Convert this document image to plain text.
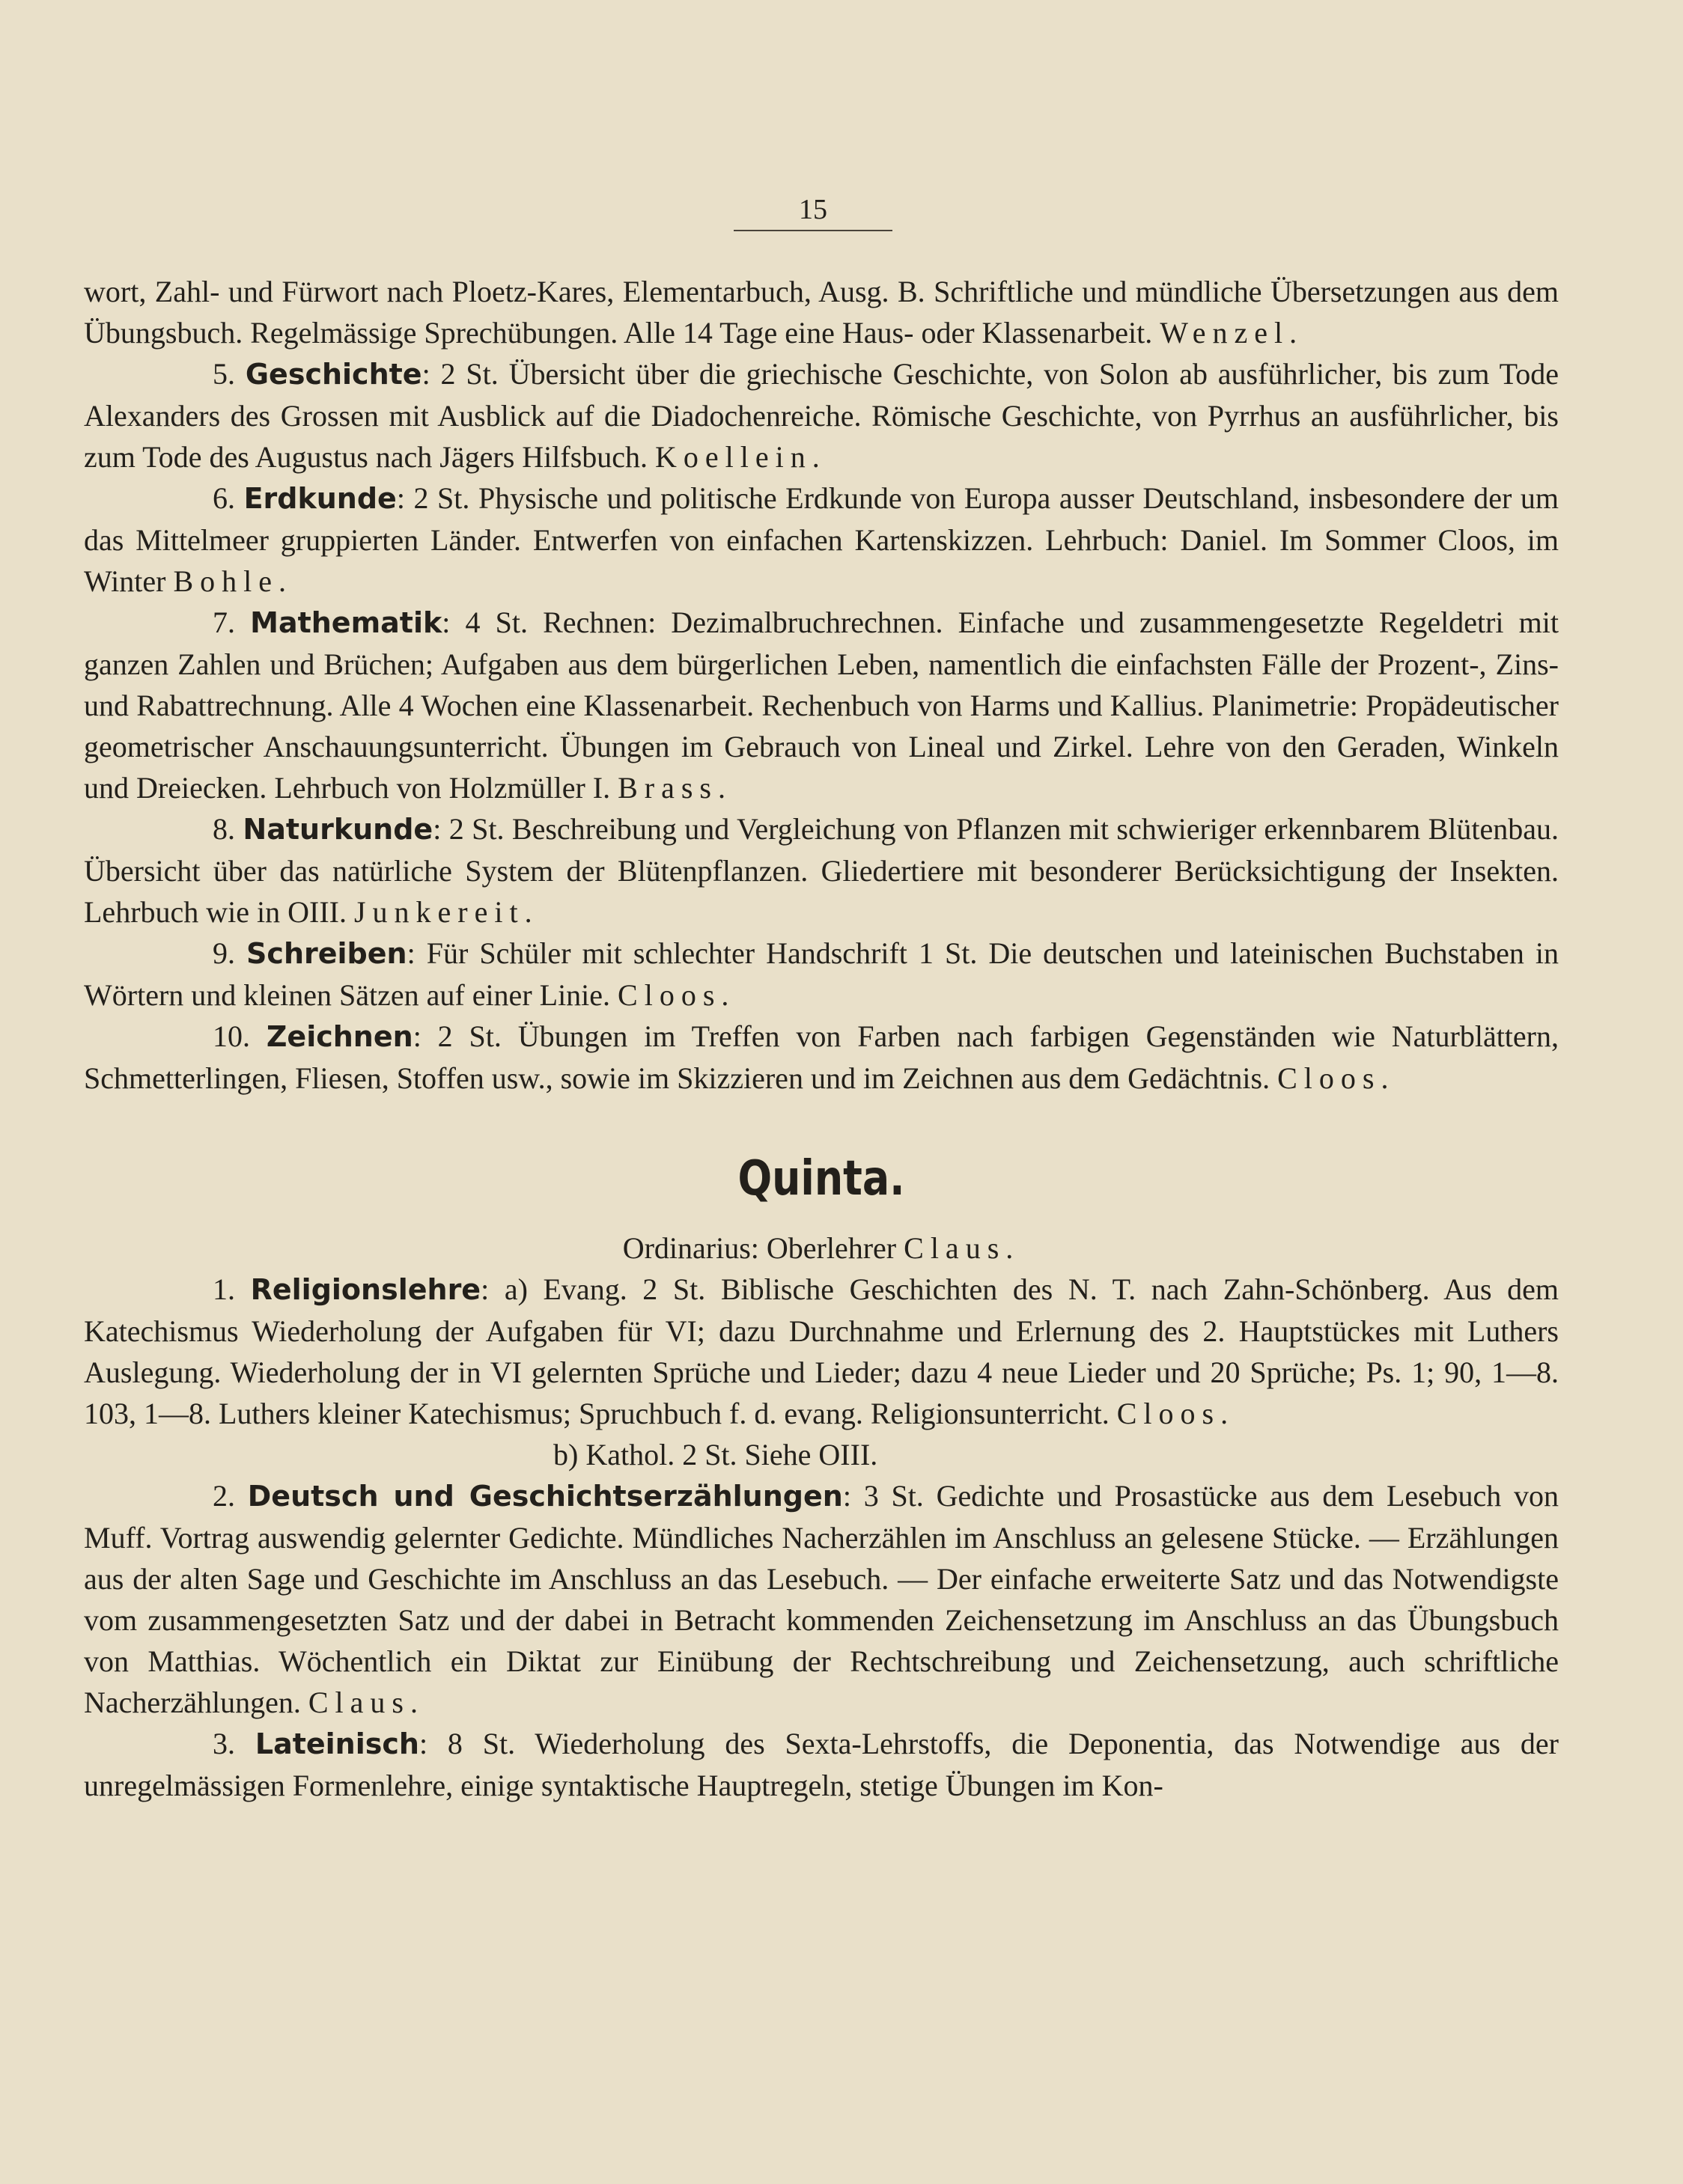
15

wort, Zahl- und Fürwort nach Ploetz-Kares, Elementarbuch, Ausg. B. Schriftliche und mündliche Übersetzungen aus dem Übungsbuch. Regelmässige Sprechübungen. Alle 14 Tage eine Haus- oder Klassenarbeit. Wenzel.

5. Geschichte: 2 St. Übersicht über die griechische Geschichte, von Solon ab ausführlicher, bis zum Tode Alexanders des Grossen mit Ausblick auf die Diadochenreiche. Römische Geschichte, von Pyrrhus an ausführlicher, bis zum Tode des Augustus nach Jägers Hilfsbuch. Koellein.

6. Erdkunde: 2 St. Physische und politische Erdkunde von Europa ausser Deutschland, insbesondere der um das Mittelmeer gruppierten Länder. Entwerfen von einfachen Kartenskizzen. Lehrbuch: Daniel. Im Sommer Cloos, im Winter Bohle.

7. Mathematik: 4 St. Rechnen: Dezimalbruchrechnen. Einfache und zusammengesetzte Regeldetri mit ganzen Zahlen und Brüchen; Aufgaben aus dem bürgerlichen Leben, namentlich die einfachsten Fälle der Prozent-, Zins- und Rabattrechnung. Alle 4 Wochen eine Klassenarbeit. Rechenbuch von Harms und Kallius. Planimetrie: Propädeutischer geometrischer Anschauungsunterricht. Übungen im Gebrauch von Lineal und Zirkel. Lehre von den Geraden, Winkeln und Dreiecken. Lehrbuch von Holzmüller I. Brass.

8. Naturkunde: 2 St. Beschreibung und Vergleichung von Pflanzen mit schwieriger erkennbarem Blütenbau. Übersicht über das natürliche System der Blütenpflanzen. Gliedertiere mit besonderer Berücksichtigung der Insekten. Lehrbuch wie in OIII. Junkereit.

9. Schreiben: Für Schüler mit schlechter Handschrift 1 St. Die deutschen und lateinischen Buchstaben in Wörtern und kleinen Sätzen auf einer Linie. Cloos.

10. Zeichnen: 2 St. Übungen im Treffen von Farben nach farbigen Gegenständen wie Naturblättern, Schmetterlingen, Fliesen, Stoffen usw., sowie im Skizzieren und im Zeichnen aus dem Gedächtnis. Cloos.

Quinta.

Ordinarius: Oberlehrer Claus.

1. Religionslehre: a) Evang. 2 St. Biblische Geschichten des N. T. nach Zahn-Schönberg. Aus dem Katechismus Wiederholung der Aufgaben für VI; dazu Durchnahme und Erlernung des 2. Hauptstückes mit Luthers Auslegung. Wiederholung der in VI gelernten Sprüche und Lieder; dazu 4 neue Lieder und 20 Sprüche; Ps. 1; 90, 1—8. 103, 1—8. Luthers kleiner Katechismus; Spruchbuch f. d. evang. Religionsunterricht. Cloos.

b) Kathol. 2 St. Siehe OIII.

2. Deutsch und Geschichtserzählungen: 3 St. Gedichte und Prosastücke aus dem Lesebuch von Muff. Vortrag auswendig gelernter Gedichte. Mündliches Nacherzählen im Anschluss an gelesene Stücke. — Erzählungen aus der alten Sage und Geschichte im Anschluss an das Lesebuch. — Der einfache erweiterte Satz und das Notwendigste vom zusammengesetzten Satz und der dabei in Betracht kommenden Zeichensetzung im Anschluss an das Übungsbuch von Matthias. Wöchentlich ein Diktat zur Einübung der Rechtschreibung und Zeichensetzung, auch schriftliche Nacherzählungen. Claus.

3. Lateinisch: 8 St. Wiederholung des Sexta-Lehrstoffs, die Deponentia, das Notwendige aus der unregelmässigen Formenlehre, einige syntaktische Hauptregeln, stetige Übungen im Kon-
